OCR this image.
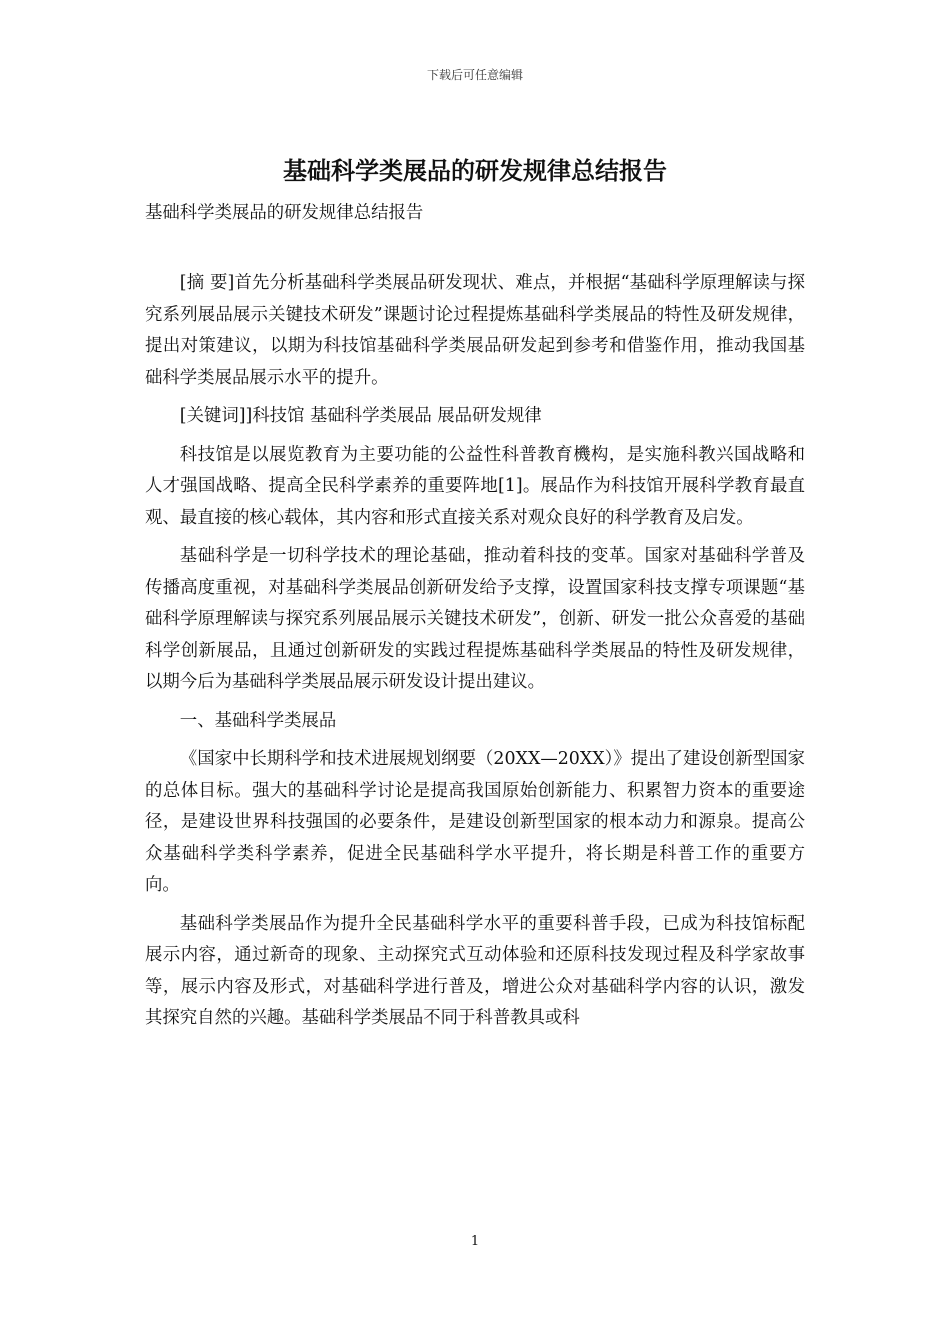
下载后可任意编辑
基础科学类展品的研发规律总结报告

基础科学类展品的研发规律总结报告

[摘 要]首先分析基础科学类展品研发现状、难点，并根据“基础科学原理解读与探究系列展品展示关键技术研发”课题讨论过程提炼基础科学类展品的特性及研发规律，提出对策建议，以期为科技馆基础科学类展品研发起到参考和借鉴作用，推动我国基础科学类展品展示水平的提升。

[关键词]]科技馆 基础科学类展品 展品研发规律

科技馆是以展览教育为主要功能的公益性科普教育機构，是实施科教兴国战略和人才强国战略、提高全民科学素养的重要阵地[1]。展品作为科技馆开展科学教育最直观、最直接的核心载体，其内容和形式直接关系对观众良好的科学教育及启发。

基础科学是一切科学技术的理论基础，推动着科技的变革。国家对基础科学普及传播高度重视，对基础科学类展品创新研发给予支撑，设置国家科技支撑专项课题“基础科学原理解读与探究系列展品展示关键技术研发”，创新、研发一批公众喜爱的基础科学创新展品，且通过创新研发的实践过程提炼基础科学类展品的特性及研发规律，以期今后为基础科学类展品展示研发设计提出建议。

一、基础科学类展品

《国家中长期科学和技术进展规划纲要（20XX—20XX）》提出了建设创新型国家的总体目标。强大的基础科学讨论是提高我国原始创新能力、积累智力资本的重要途径，是建设世界科技强国的必要条件，是建设创新型国家的根本动力和源泉。提高公众基础科学类科学素养，促进全民基础科学水平提升，将长期是科普工作的重要方向。

基础科学类展品作为提升全民基础科学水平的重要科普手段，已成为科技馆标配展示内容，通过新奇的现象、主动探究式互动体验和还原科技发现过程及科学家故事等，展示内容及形式，对基础科学进行普及，增进公众对基础科学内容的认识，激发其探究自然的兴趣。基础科学类展品不同于科普教具或科

1
